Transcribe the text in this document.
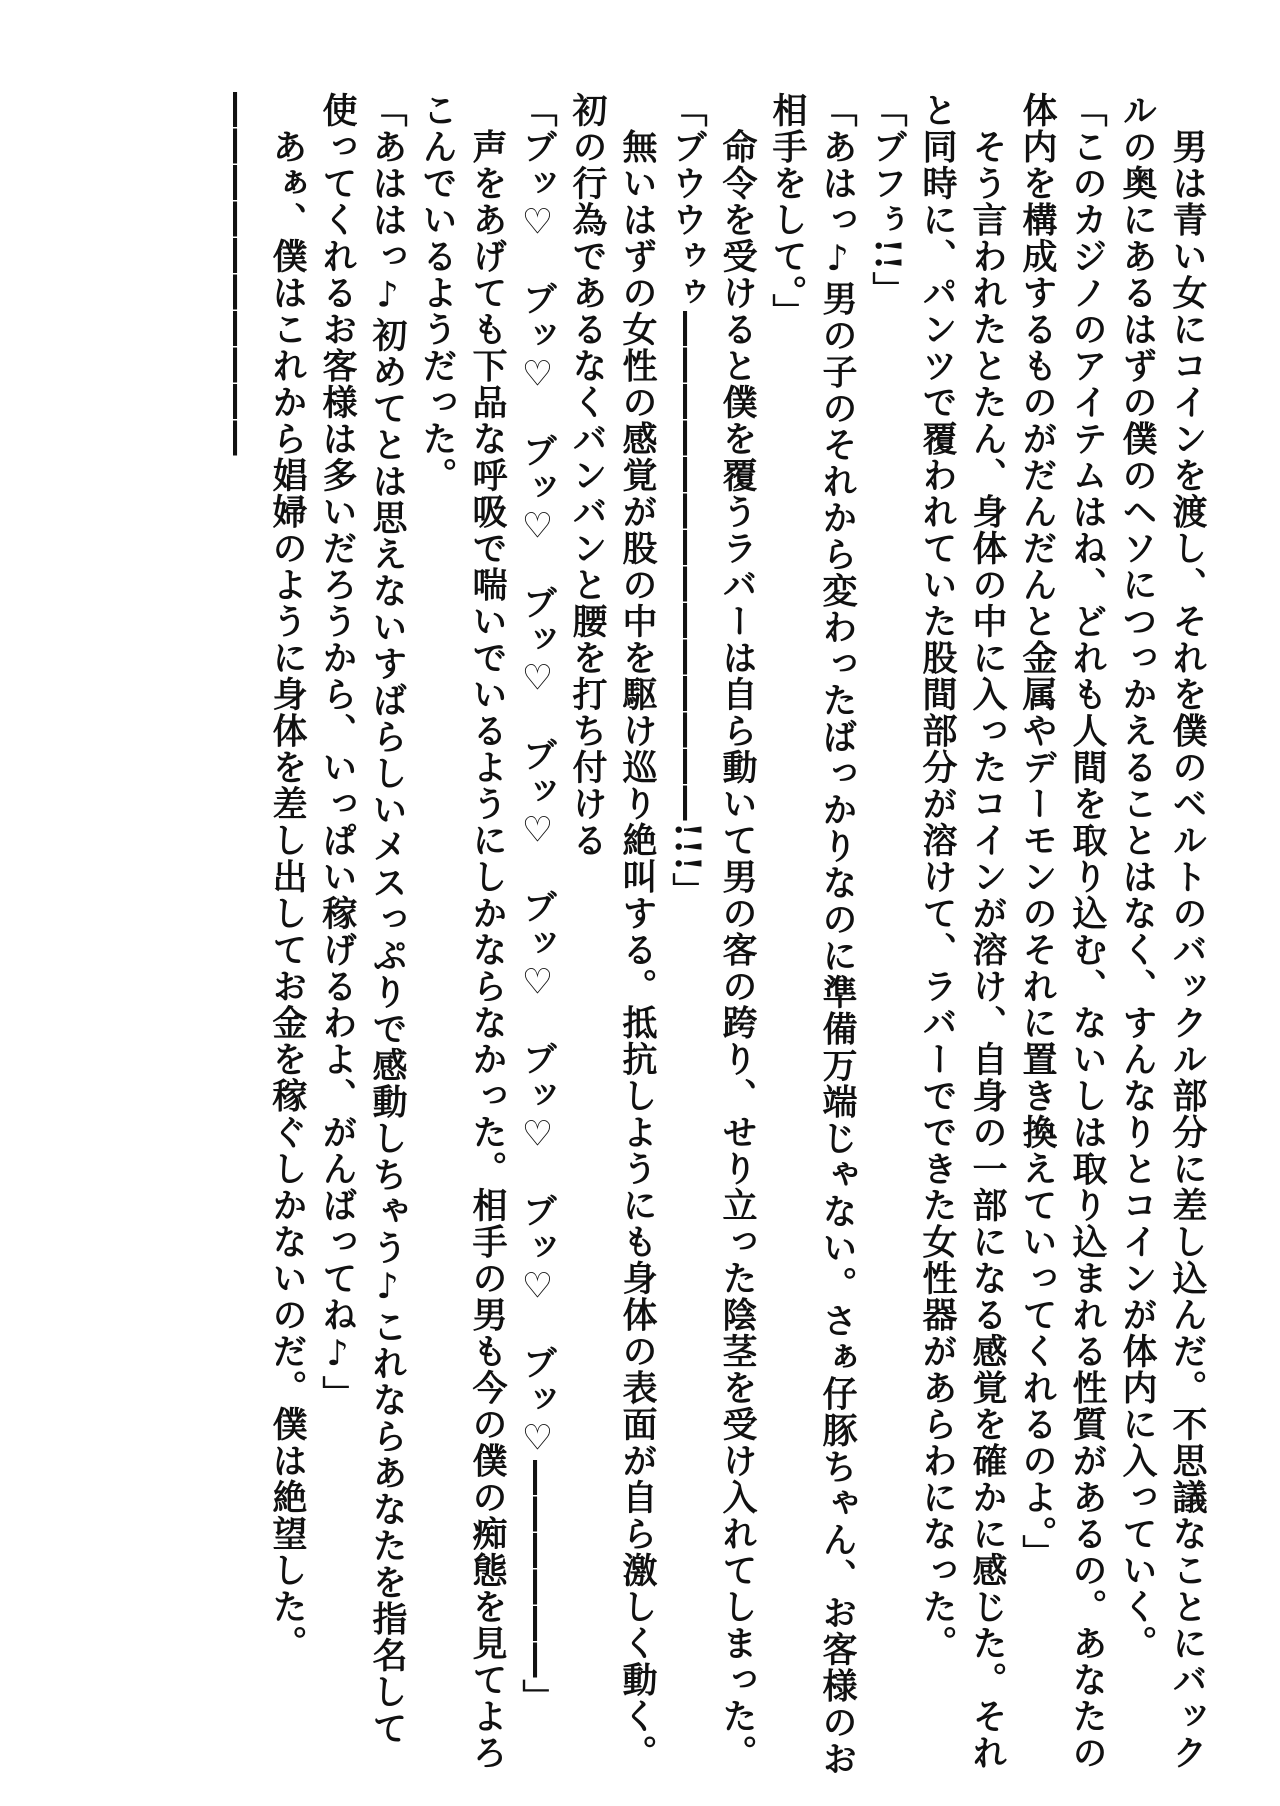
　男は青い女にコインを渡し、それを僕のベルトのバックル部分に差し込んだ。不思議なことにバックルの奥にあるはずの僕のヘソにつっかえることはなく、すんなりとコインが体内に入っていく。

「このカジノのアイテムはね、どれも人間を取り込む、ないしは取り込まれる性質があるの。あなたの体内を構成するものがだんだんと金属やデーモンのそれに置き換えていってくれるのよ。」

　そう言われたとたん、身体の中に入ったコインが溶け、自身の一部になる感覚を確かに感じた。それと同時に、パンツで覆われていた股間部分が溶けて、ラバーでできた女性器があらわになった。

「ブフぅ!!」

「あはっ♪男の子のそれから変わったばっかりなのに準備万端じゃない。さぁ仔豚ちゃん、お客様のお相手をして。」

　命令を受けると僕を覆うラバーは自ら動いて男の客の跨り、せり立った陰茎を受け入れてしまった。

「ブウウゥゥ――――――――――――――!!!」

　無いはずの女性の感覚が股の中を駆け巡り絶叫する。抵抗しようにも身体の表面が自ら激しく動く。初の行為であるなくバンバンと腰を打ち付ける

「ブッ♡　ブッ♡　ブッ♡　ブッ♡　ブッ♡　ブッ♡　ブッ♡　ブッ♡　ブッ♡――――――」

　声をあげても下品な呼吸で喘いでいるようにしかならなかった。相手の男も今の僕の痴態を見てよろこんでいるようだった。

「あははっ♪初めてとは思えないすばらしいメスっぷりで感動しちゃう♪これならあなたを指名して使ってくれるお客様は多いだろうから、いっぱい稼げるわよ、がんばってね♪」

　あぁ、僕はこれから娼婦のように身体を差し出してお金を稼ぐしかないのだ。僕は絶望した。――――――――――
